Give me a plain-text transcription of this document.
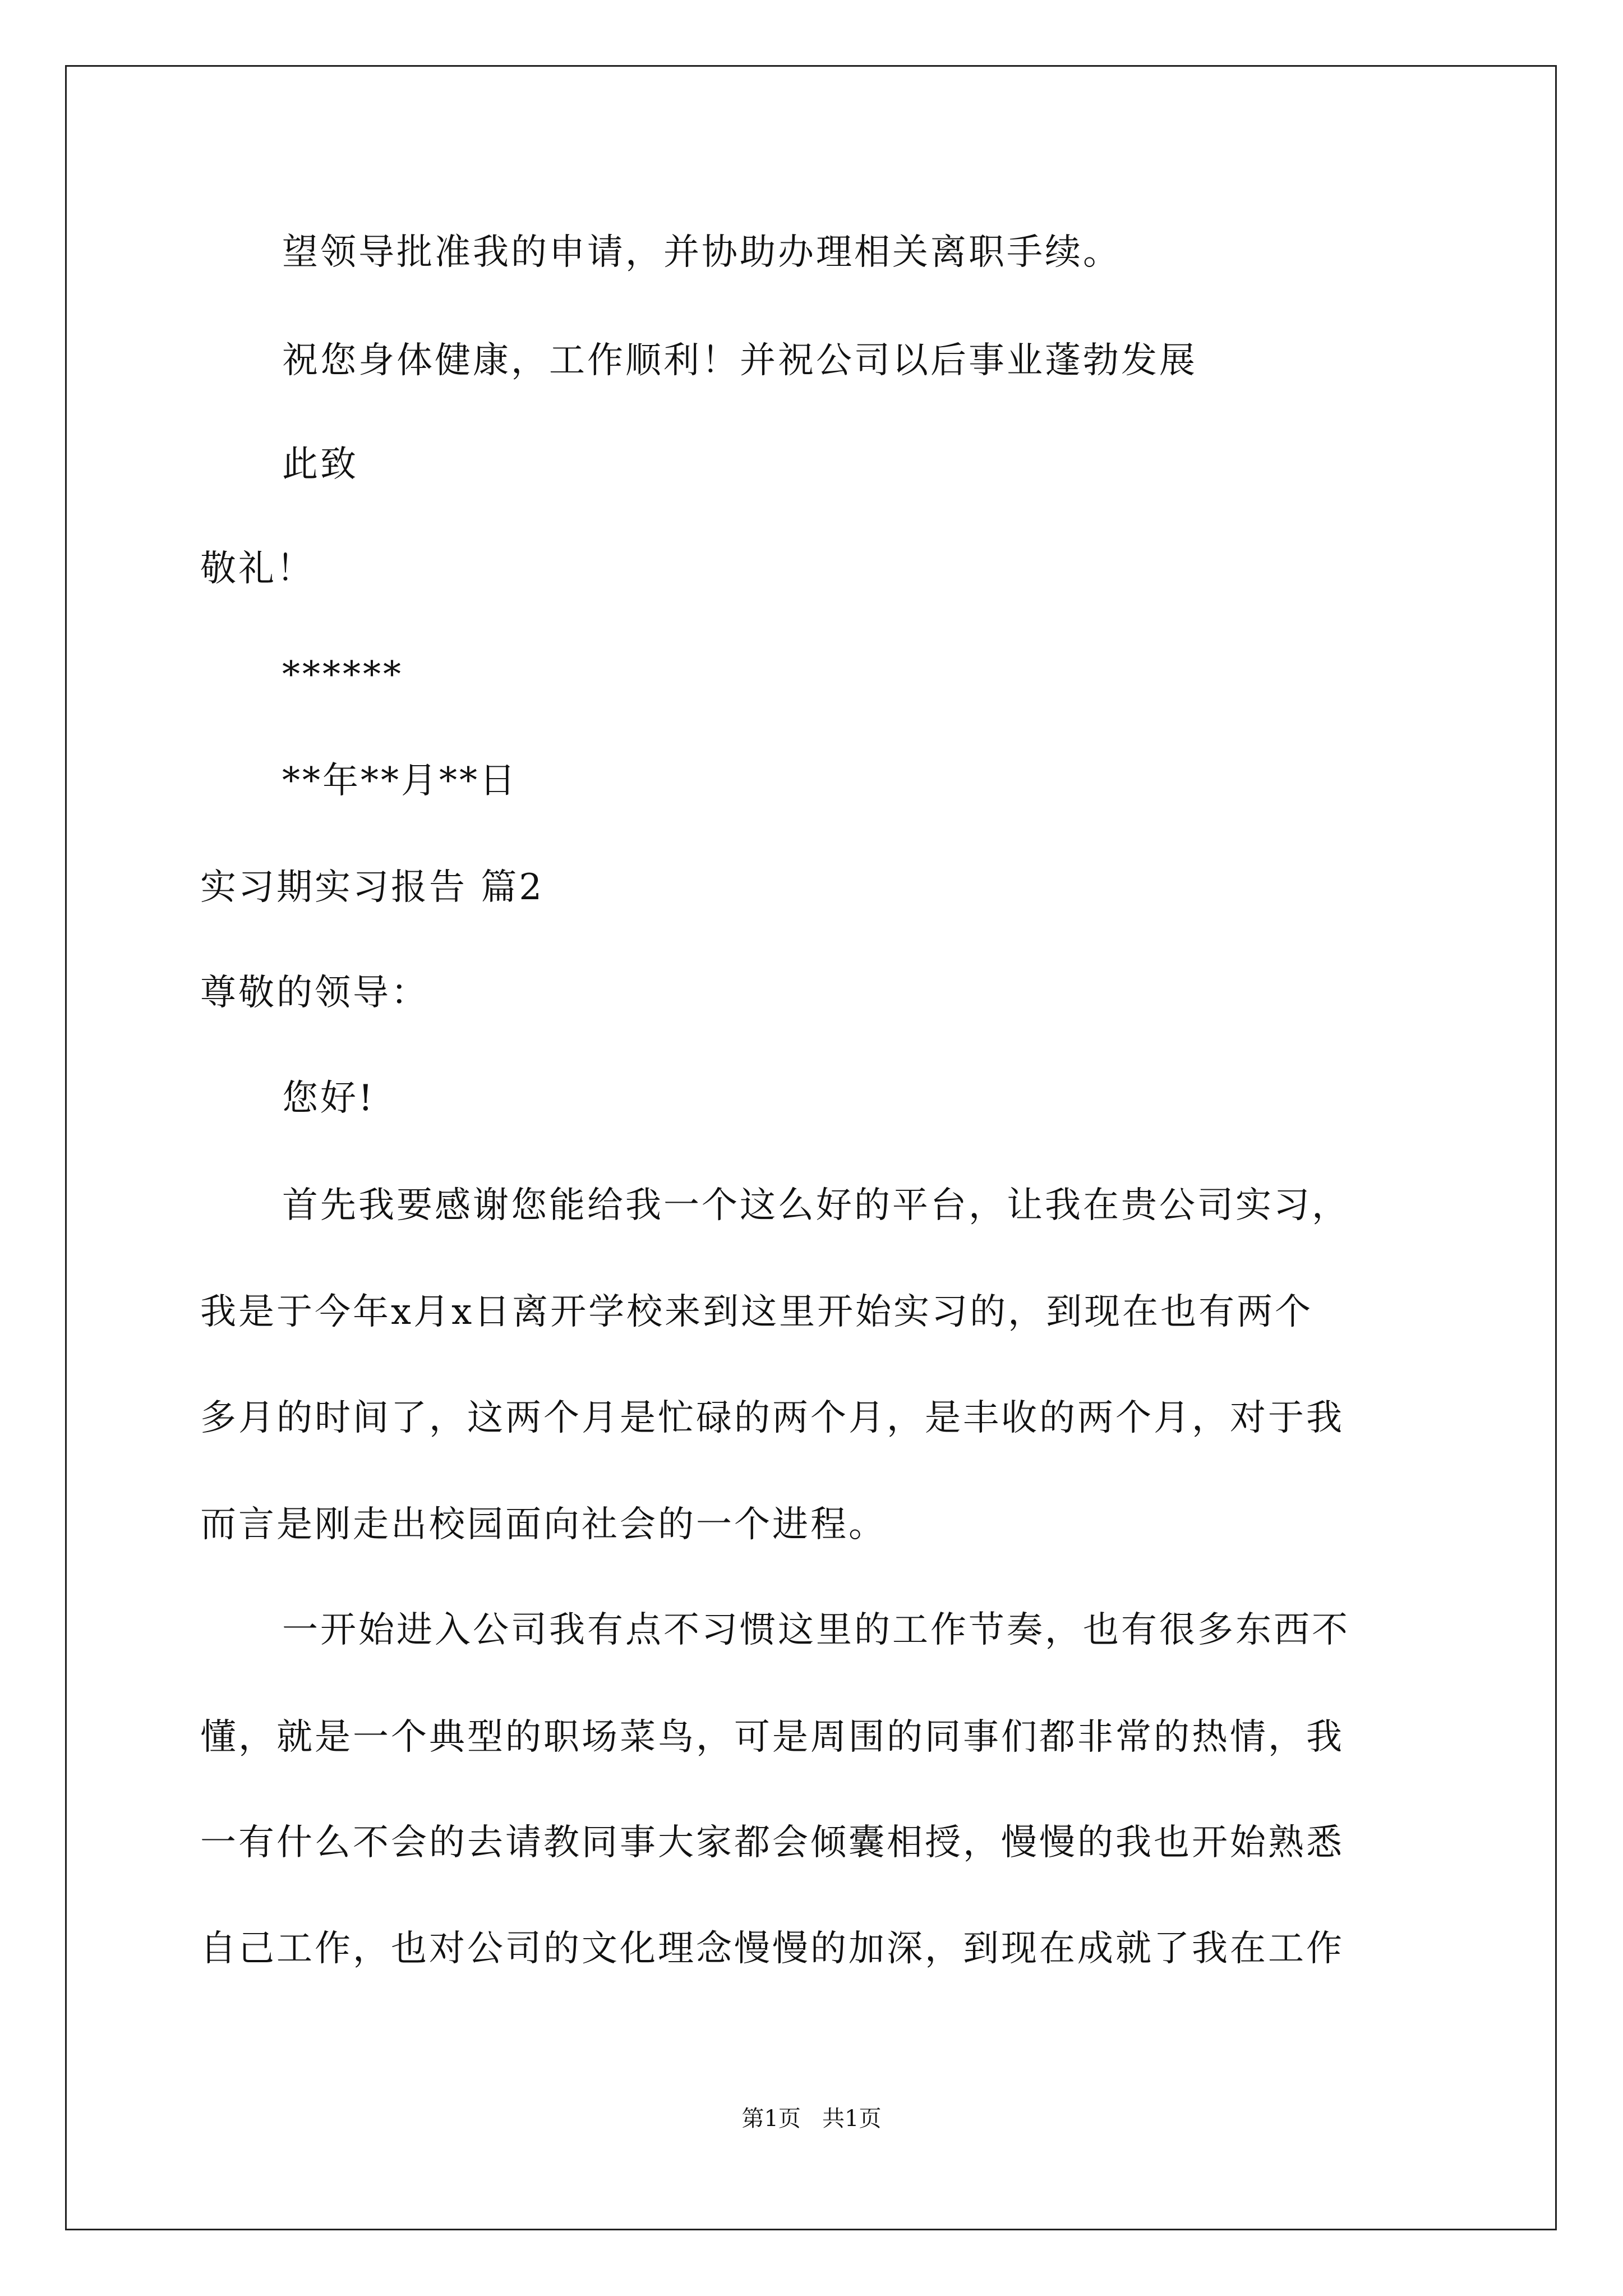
望领导批准我的申请，并协助办理相关离职手续。
祝您身体健康，工作顺利！并祝公司以后事业蓬勃发展
此致
敬礼！
******
**年**月**日
实习期实习报告 篇2
尊敬的领导：
您好!
首先我要感谢您能给我一个这么好的平台，让我在贵公司实习，
我是于今年x月x日离开学校来到这里开始实习的，到现在也有两个
多月的时间了，这两个月是忙碌的两个月，是丰收的两个月，对于我
而言是刚走出校园面向社会的一个进程。
一开始进入公司我有点不习惯这里的工作节奏，也有很多东西不
懂，就是一个典型的职场菜鸟，可是周围的同事们都非常的热情，我
一有什么不会的去请教同事大家都会倾囊相授，慢慢的我也开始熟悉
自己工作，也对公司的文化理念慢慢的加深，到现在成就了我在工作
第1页   共1页
